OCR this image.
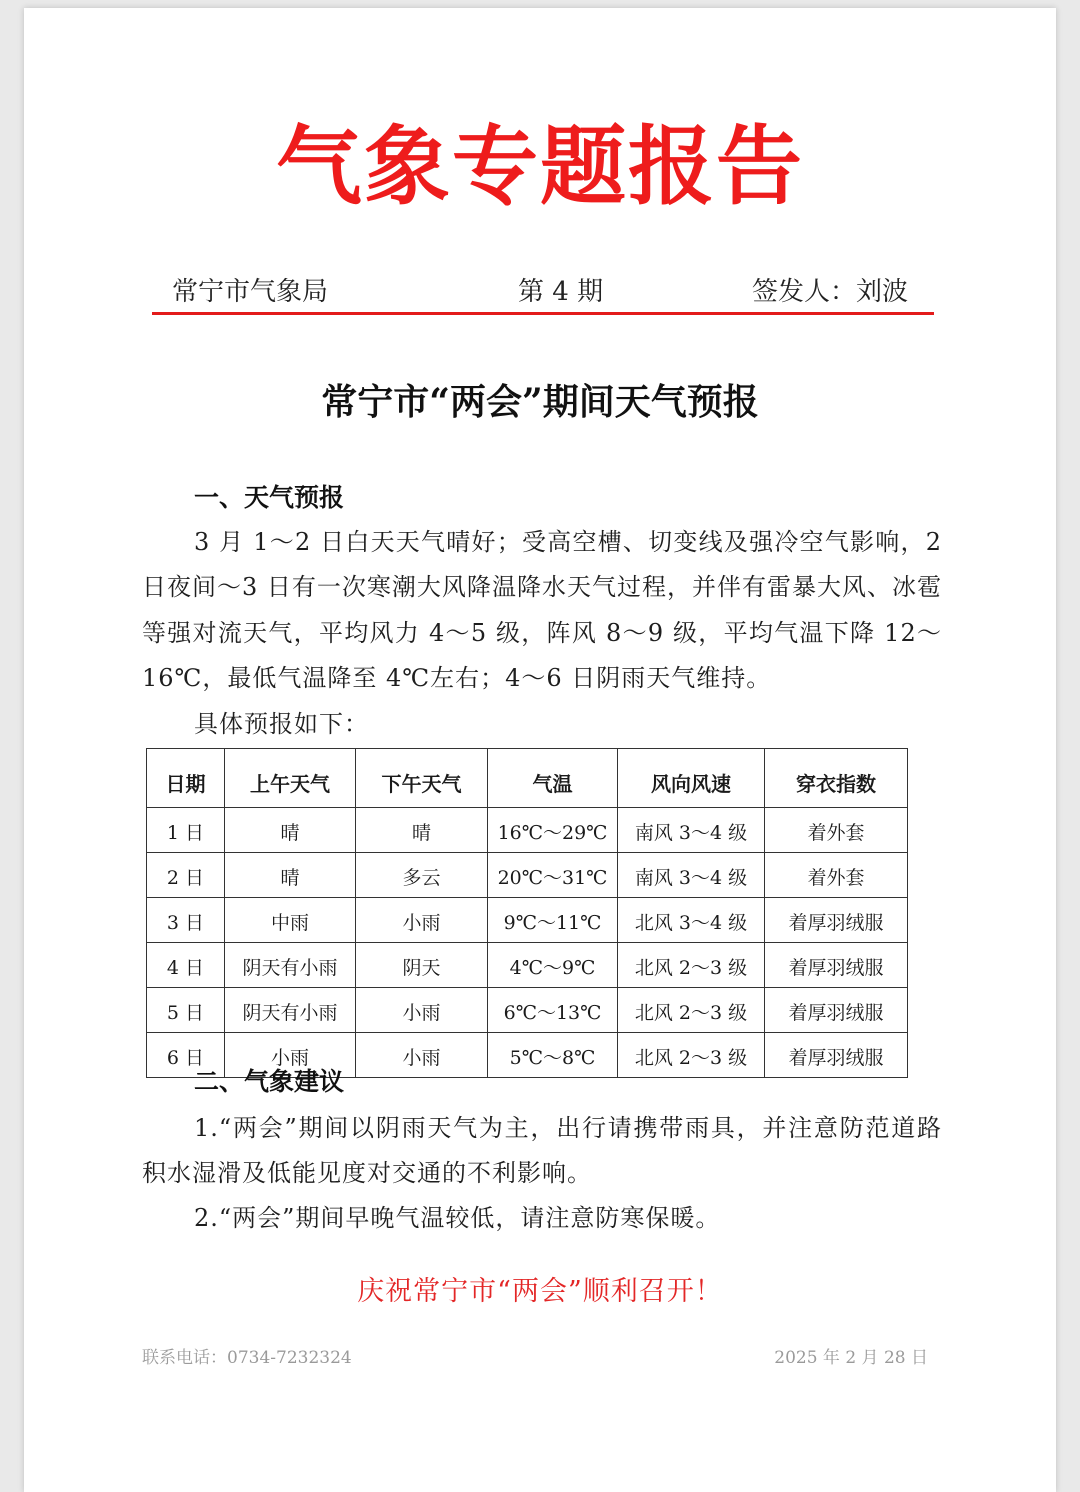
气象专题报告
常宁市气象局	第 4 期	签发人：刘波
常宁市“两会”期间天气预报
一、天气预报
3 月 1～2 日白天天气晴好；受高空槽、切变线及强冷空气影响，2 日夜间～3 日有一次寒潮大风降温降水天气过程，并伴有雷暴大风、冰雹等强对流天气，平均风力 4～5 级，阵风 8～9 级，平均气温下降 12～16℃，最低气温降至 4℃左右；4～6 日阴雨天气维持。
具体预报如下：
日期	上午天气	下午天气	气温	风向风速	穿衣指数
1 日	晴	晴	16℃～29℃	南风 3～4 级	着外套
2 日	晴	多云	20℃～31℃	南风 3～4 级	着外套
3 日	中雨	小雨	9℃～11℃	北风 3～4 级	着厚羽绒服
4 日	阴天有小雨	阴天	4℃～9℃	北风 2～3 级	着厚羽绒服
5 日	阴天有小雨	小雨	6℃～13℃	北风 2～3 级	着厚羽绒服
6 日	小雨	小雨	5℃～8℃	北风 2～3 级	着厚羽绒服
二、气象建议
1.“两会”期间以阴雨天气为主，出行请携带雨具，并注意防范道路积水湿滑及低能见度对交通的不利影响。
2.“两会”期间早晚气温较低，请注意防寒保暖。
庆祝常宁市“两会”顺利召开！
联系电话：0734-7232324	2025 年 2 月 28 日
